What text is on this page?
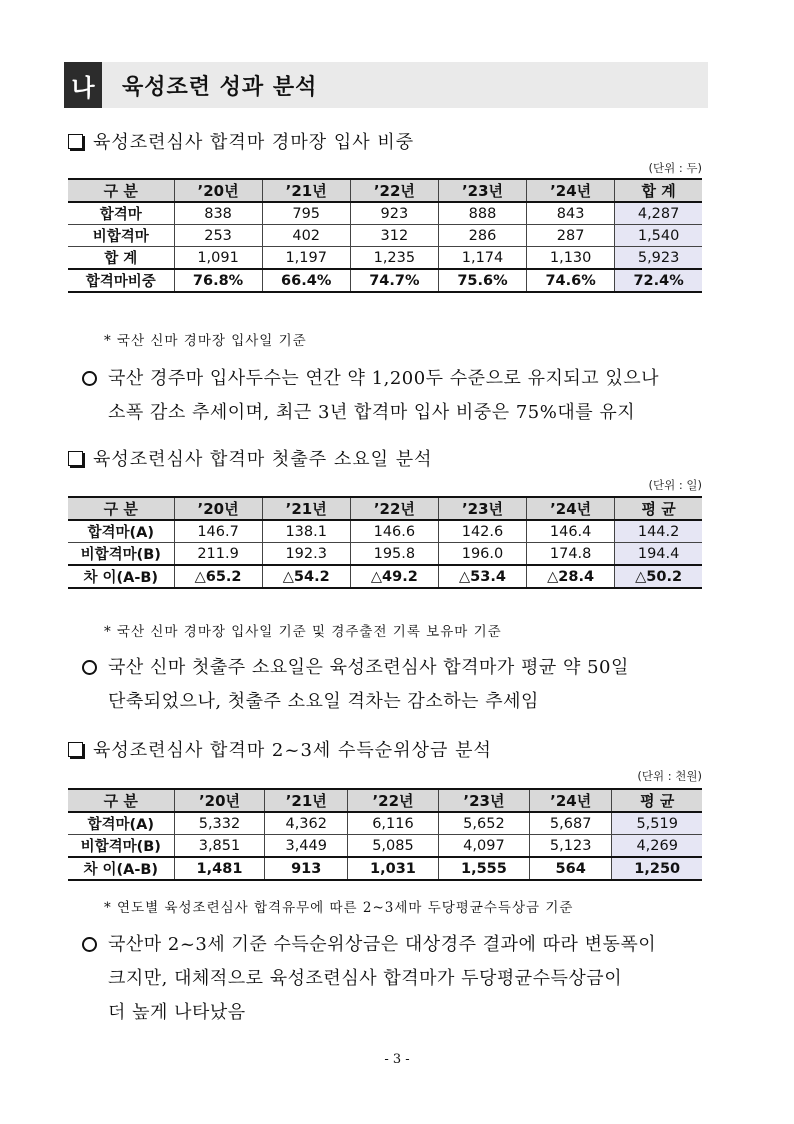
나	육성조련 성과 분석
육성조련심사 합격마 경마장 입사 비중
(단위 : 두)
구 분	’20년	’21년	’22년	’23년	’24년	합 계
합격마	838	795	923	888	843	4,287
비합격마	253	402	312	286	287	1,540
합 계	1,091	1,197	1,235	1,174	1,130	5,923
합격마비중	76.8%	66.4%	74.7%	75.6%	74.6%	72.4%
* 국산 신마 경마장 입사일 기준
국산 경주마 입사두수는 연간 약 1,200두 수준으로 유지되고 있으나
소폭 감소 추세이며, 최근 3년 합격마 입사 비중은 75%대를 유지
육성조련심사 합격마 첫출주 소요일 분석
(단위 : 일)
구 분	’20년	’21년	’22년	’23년	’24년	평 균
합격마(A)	146.7	138.1	146.6	142.6	146.4	144.2
비합격마(B)	211.9	192.3	195.8	196.0	174.8	194.4
차 이(A-B)	△65.2	△54.2	△49.2	△53.4	△28.4	△50.2
* 국산 신마 경마장 입사일 기준 및 경주출전 기록 보유마 기준
국산 신마 첫출주 소요일은 육성조련심사 합격마가 평균 약 50일
단축되었으나, 첫출주 소요일 격차는 감소하는 추세임
육성조련심사 합격마 2~3세 수득순위상금 분석
(단위 : 천원)
구 분	’20년	’21년	’22년	’23년	’24년	평 균
합격마(A)	5,332	4,362	6,116	5,652	5,687	5,519
비합격마(B)	3,851	3,449	5,085	4,097	5,123	4,269
차 이(A-B)	1,481	913	1,031	1,555	564	1,250
* 연도별 육성조련심사 합격유무에 따른 2~3세마 두당평균수득상금 기준
국산마 2~3세 기준 수득순위상금은 대상경주 결과에 따라 변동폭이
크지만, 대체적으로 육성조련심사 합격마가 두당평균수득상금이
더 높게 나타났음
- 3 -
